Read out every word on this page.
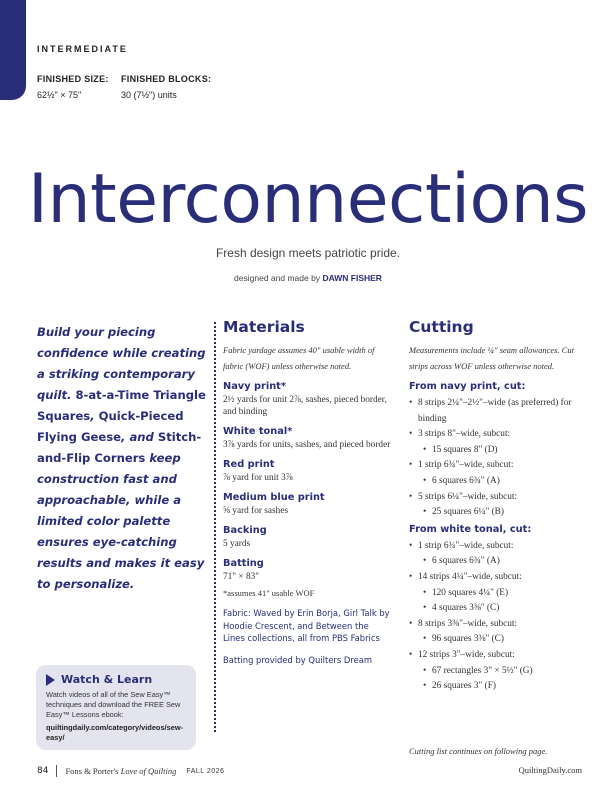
INTERMEDIATE
FINISHED SIZE:
62½" × 75"
FINISHED BLOCKS:
30 (7½") units
Interconnections
Fresh design meets patriotic pride.
designed and made by DAWN FISHER
Build your piecing confidence while creating a striking contemporary quilt. 8-at-a-Time Triangle Squares, Quick-Pieced Flying Geese, and Stitch-and-Flip Corners keep construction fast and approachable, while a limited color palette ensures eye-catching results and makes it easy to personalize.
Materials

Fabric yardage assumes 40" usable width of fabric (WOF) unless otherwise noted.

Navy print*

2½ yards for unit 2⅞, sashes, pieced border, and binding

White tonal*

3⅞ yards for units, sashes, and pieced border

Red print

⅞ yard for unit 3⅞

Medium blue print

⅝ yard for sashes

Backing

5 yards

Batting

71" × 83"

*assumes 41" usable WOF

Fabric: Waved by Erin Borja, Girl Talk by Hoodie Crescent, and Between the Lines collections, all from PBS Fabrics

Batting provided by Quilters Dream

Cutting

Measurements include ¼" seam allowances. Cut strips across WOF unless otherwise noted.

From navy print, cut:

• 8 strips 2¼"–2½"–wide (as preferred) for binding
• 3 strips 8"–wide, subcut:
• 15 squares 8" (D)
• 1 strip 6¾"–wide, subcut:
• 6 squares 6¾" (A)
• 5 strips 6¼"–wide, subcut:
• 25 squares 6¼" (B)

From white tonal, cut:

• 1 strip 6¾"–wide, subcut:
• 6 squares 6¾" (A)
• 14 strips 4¼"–wide, subcut:
• 120 squares 4¼" (E)
• 4 squares 3⅜" (C)
• 8 strips 3⅜"–wide, subcut:
• 96 squares 3⅜" (C)
• 12 strips 3"–wide, subcut:
• 67 rectangles 3" × 5½" (G)
• 26 squares 3" (F)
Watch & Learn

Watch videos of all of the Sew Easy™ techniques and download the FREE Sew Easy™ Lessons ebook:

quiltingdaily.com/category/videos/sew-easy/

Cutting list continues on following page.
84 Fons & Porter's Love of Quilting FALL 2026	QuiltingDaily.com
